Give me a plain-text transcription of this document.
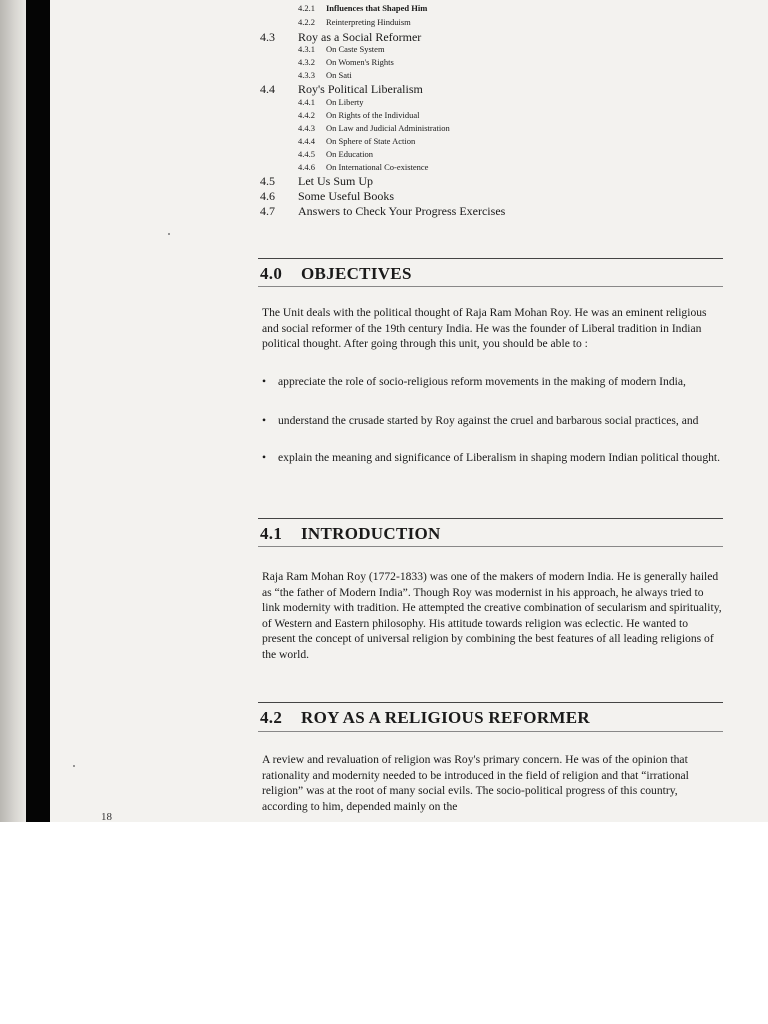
4.2.1 Influences that Shaped Him
4.2.2 Reinterpreting Hinduism
4.3 Roy as a Social Reformer
4.3.1 On Caste System
4.3.2 On Women's Rights
4.3.3 On Sati
4.4 Roy's Political Liberalism
4.4.1 On Liberty
4.4.2 On Rights of the Individual
4.4.3 On Law and Judicial Administration
4.4.4 On Sphere of State Action
4.4.5 On Education
4.4.6 On International Co-existence
4.5 Let Us Sum Up
4.6 Some Useful Books
4.7 Answers to Check Your Progress Exercises
4.0 OBJECTIVES

The Unit deals with the political thought of Raja Ram Mohan Roy. He was an eminent religious and social reformer of the 19th century India. He was the founder of Liberal tradition in Indian political thought. After going through this unit, you should be able to :

• appreciate the role of socio-religious reform movements in the making of modern India,
• understand the crusade started by Roy against the cruel and barbarous social practices, and
• explain the meaning and significance of Liberalism in shaping modern Indian political thought.
4.1 INTRODUCTION

Raja Ram Mohan Roy (1772-1833) was one of the makers of modern India. He is generally hailed as “the father of Modern India”. Though Roy was modernist in his approach, he always tried to link modernity with tradition. He attempted the creative combination of secularism and spirituality, of Western and Eastern philosophy. His attitude towards religion was eclectic. He wanted to present the concept of universal religion by combining the best features of all leading religions of the world.

4.2 ROY AS A RELIGIOUS REFORMER

A review and revaluation of religion was Roy's primary concern. He was of the opinion that rationality and modernity needed to be introduced in the field of religion and that “irrational religion” was at the root of many social evils. The socio-political progress of this country, according to him, depended mainly on the

18
